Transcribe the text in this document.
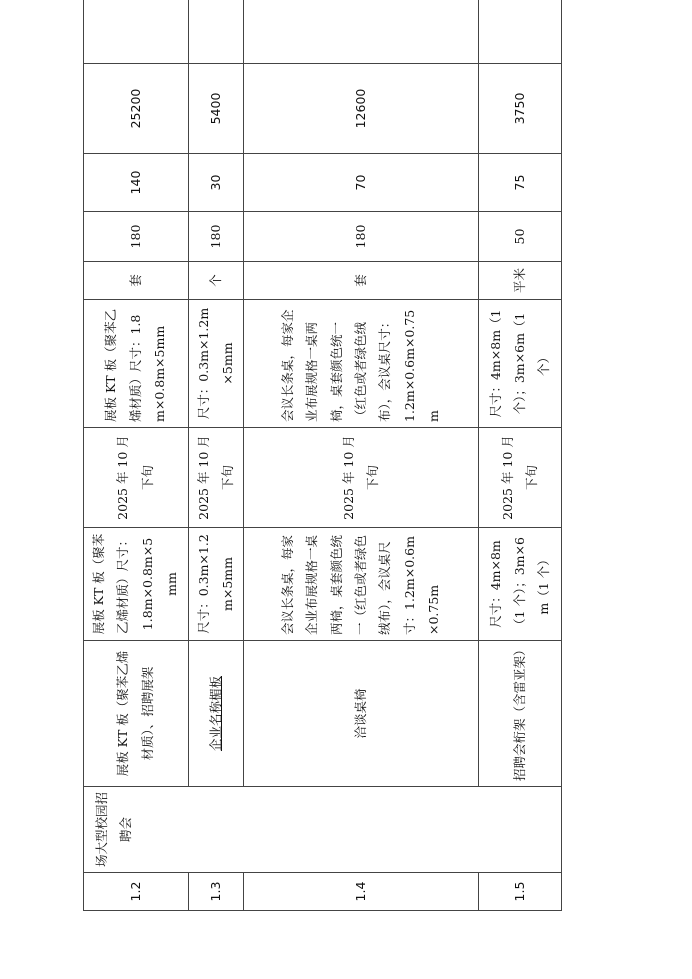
1.2	场大型校园招聘会	展板 KT 板（聚苯乙烯材质）、招聘展架	展板 KT 板（聚苯乙烯材质）尺寸：1.8m×0.8m×5mm	2025 年 10 月下旬	展板 KT 板（聚苯乙烯材质）尺寸：1.8m×0.8m×5mm	套	180	140	25200	
1.3		企业名称楣板	尺寸：0.3m×1.2m×5mm	2025 年 10 月下旬	尺寸：0.3m×1.2m×5mm	个	180	30	5400	
1.4		洽谈桌椅	会议长条桌，每家企业布展规格一桌两椅，桌套颜色统一（红色或者绿色绒布），会议桌尺寸：1.2m×0.6m×0.75m	2025 年 10 月下旬	会议长条桌，每家企业布展规格一桌两椅，桌套颜色统一（红色或者绿色绒布），会议桌尺寸：1.2m×0.6m×0.75m	套	180	70	12600	
1.5		招聘会桁架（含雷亚架）	尺寸：4m×8m（1 个）；3m×6m（1 个）	2025 年 10 月下旬	尺寸：4m×8m（1 个）；3m×6m（1 个）	平米	50	75	3750	
